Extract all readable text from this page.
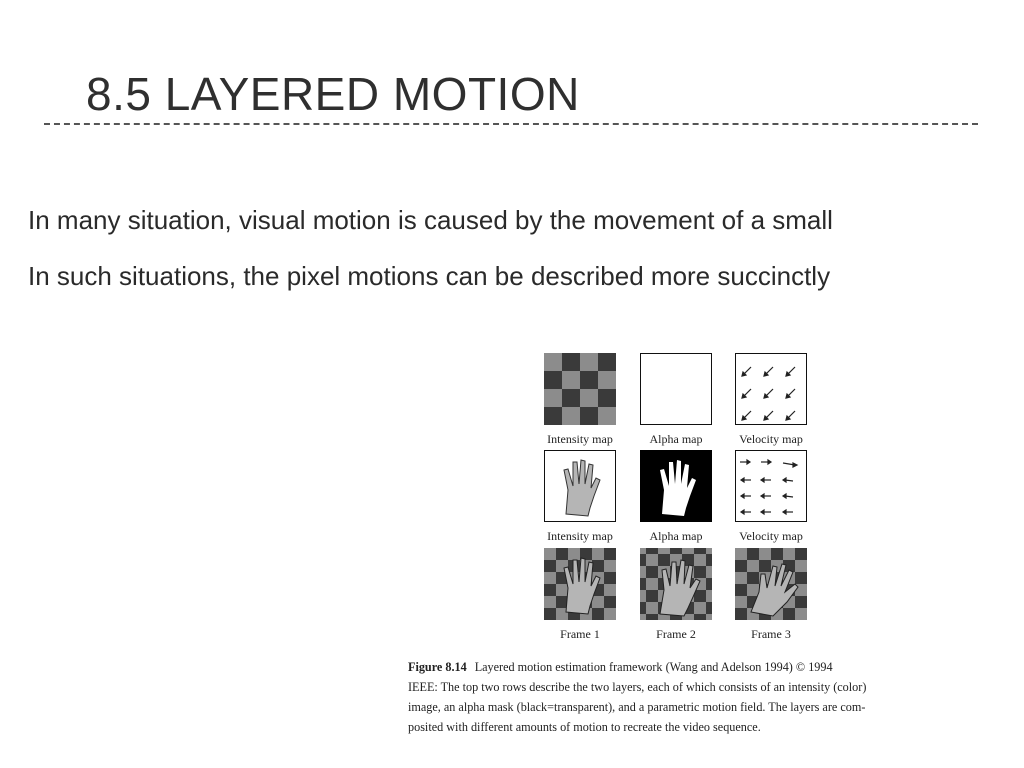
8.5 LAYERED MOTION

In many situation, visual motion is caused by the movement of a small

In such situations, the pixel motions can be described more succinctly

Intensity map	Alpha map	Velocity map
Intensity map	Alpha map	Velocity map
Frame 1	Frame 2	Frame 3
Figure 8.14 Layered motion estimation framework (Wang and Adelson 1994) © 1994
IEEE: The top two rows describe the two layers, each of which consists of an intensity (color)
image, an alpha mask (black=transparent), and a parametric motion field. The layers are com-
posited with different amounts of motion to recreate the video sequence.
